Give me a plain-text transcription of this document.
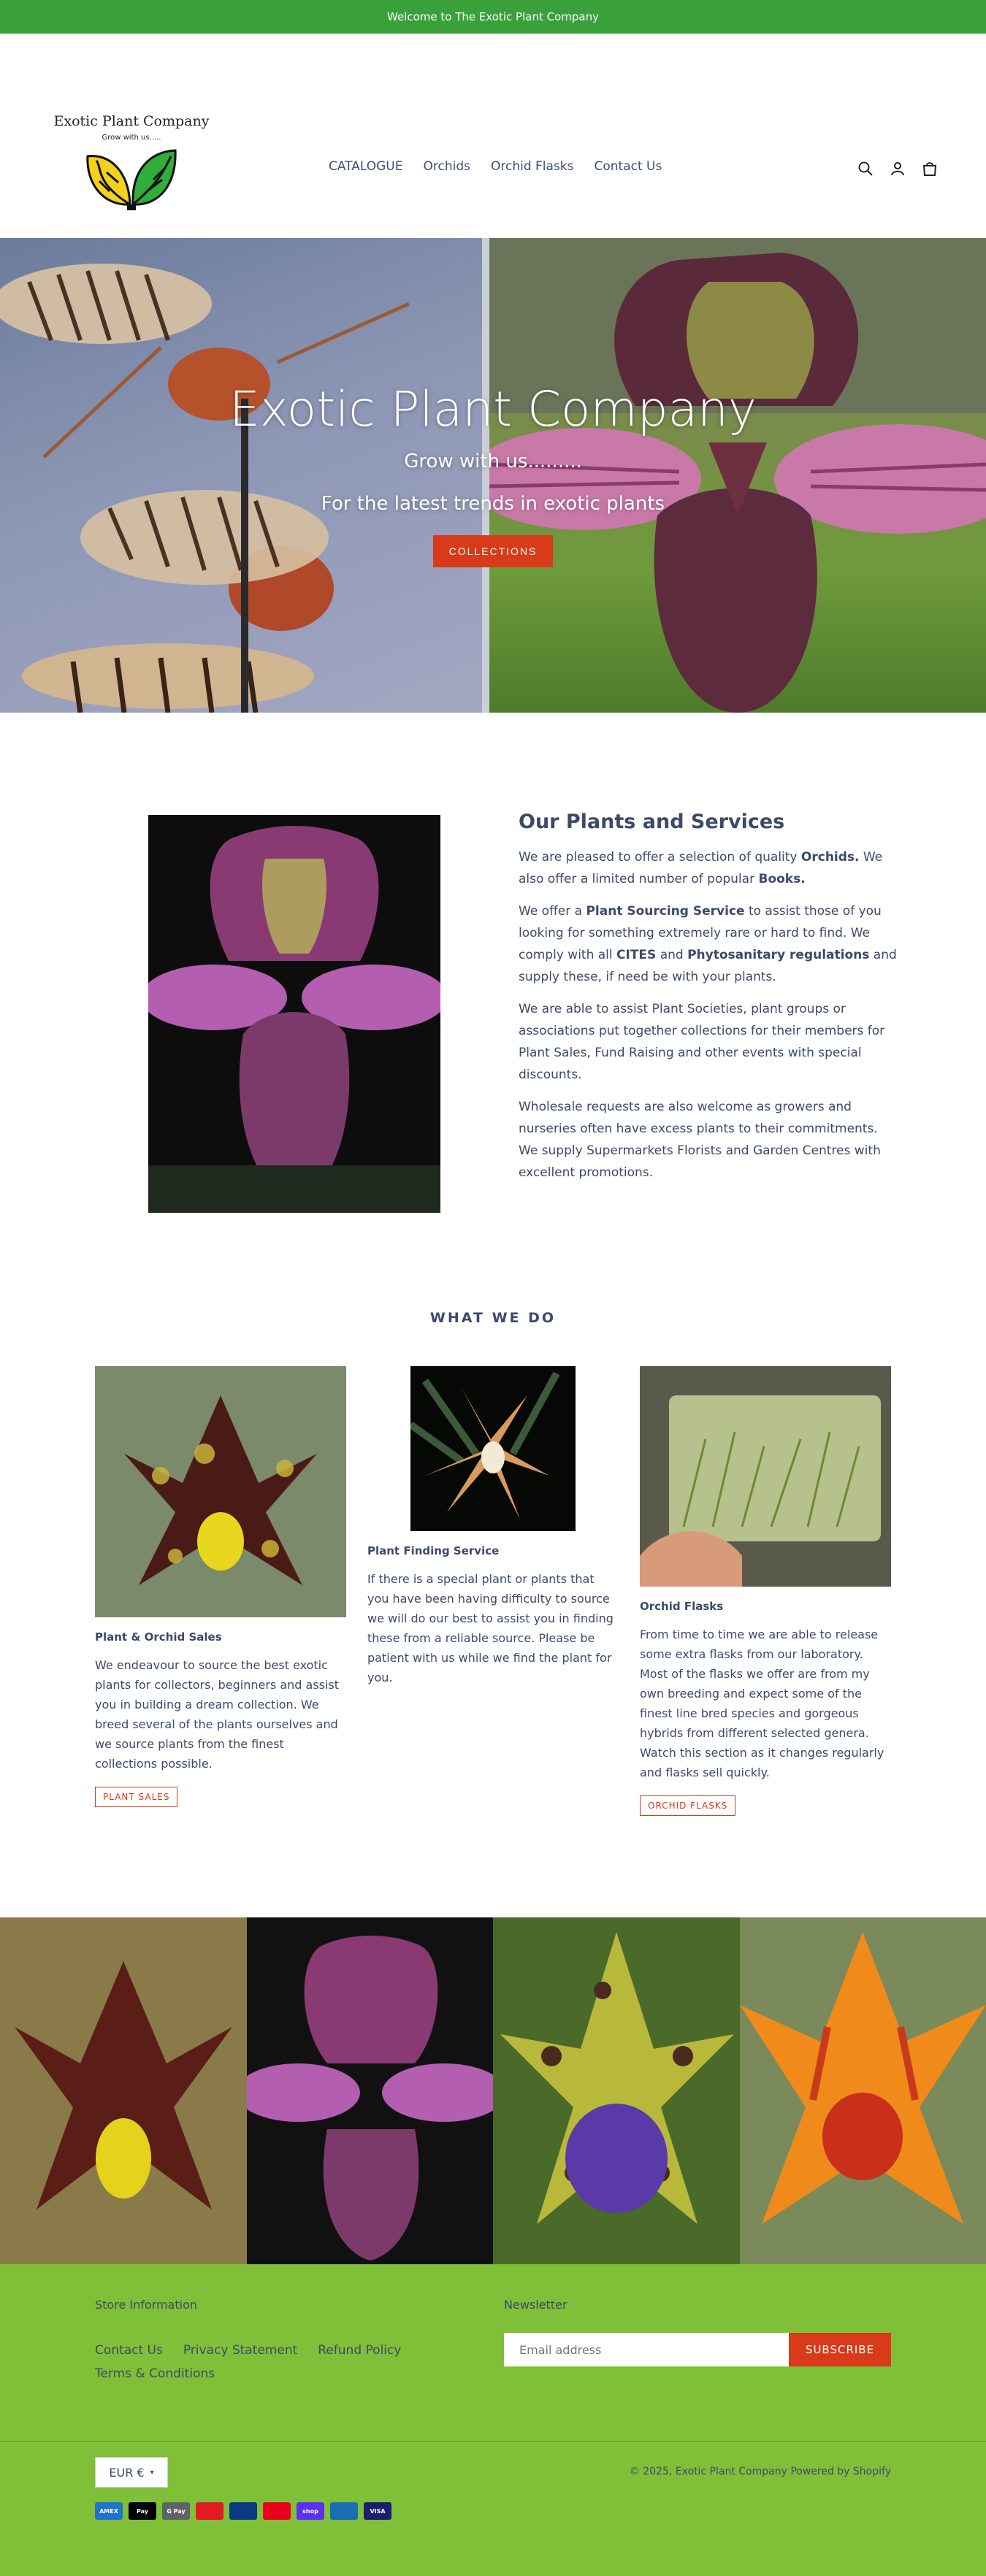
Welcome to The Exotic Plant Company
Exotic Plant Company
Grow with us.....
CATALOGUE Orchids Orchid Flasks Contact Us
Exotic Plant Company
Grow with us.........
For the latest trends in exotic plants
COLLECTIONS
Our Plants and Services

We are pleased to offer a selection of quality Orchids. We also offer a limited number of popular Books.

We offer a Plant Sourcing Service to assist those of you looking for something extremely rare or hard to find. We comply with all CITES and Phytosanitary regulations and supply these, if need be with your plants.

We are able to assist Plant Societies, plant groups or associations put together collections for their members for Plant Sales, Fund Raising and other events with special discounts.

Wholesale requests are also welcome as growers and nurseries often have excess plants to their commitments. We supply Supermarkets Florists and Garden Centres with excellent promotions.

WHAT WE DO
Plant & Orchid Sales
We endeavour to source the best exotic plants for collectors, beginners and assist you in building a dream collection. We breed several of the plants ourselves and we source plants from the finest collections possible.
PLANT SALES
Plant Finding Service
If there is a special plant or plants that you have been having difficulty to source we will do our best to assist you in finding these from a reliable source. Please be patient with us while we find the plant for you.
Orchid Flasks
From time to time we are able to release some extra flasks from our laboratory. Most of the flasks we offer are from my own breeding and expect some of the finest line bred species and gorgeous hybrids from different selected genera. Watch this section as it changes regularly and flasks sell quickly.
ORCHID FLASKS
Store Information
Contact Us Privacy Statement Refund Policy
Terms & Conditions
Newsletter
Email address
SUBSCRIBE
EUR € ▾	© 2025, Exotic Plant Company Powered by Shopify
AMEX	Pay	G Pay	shop	VISA
